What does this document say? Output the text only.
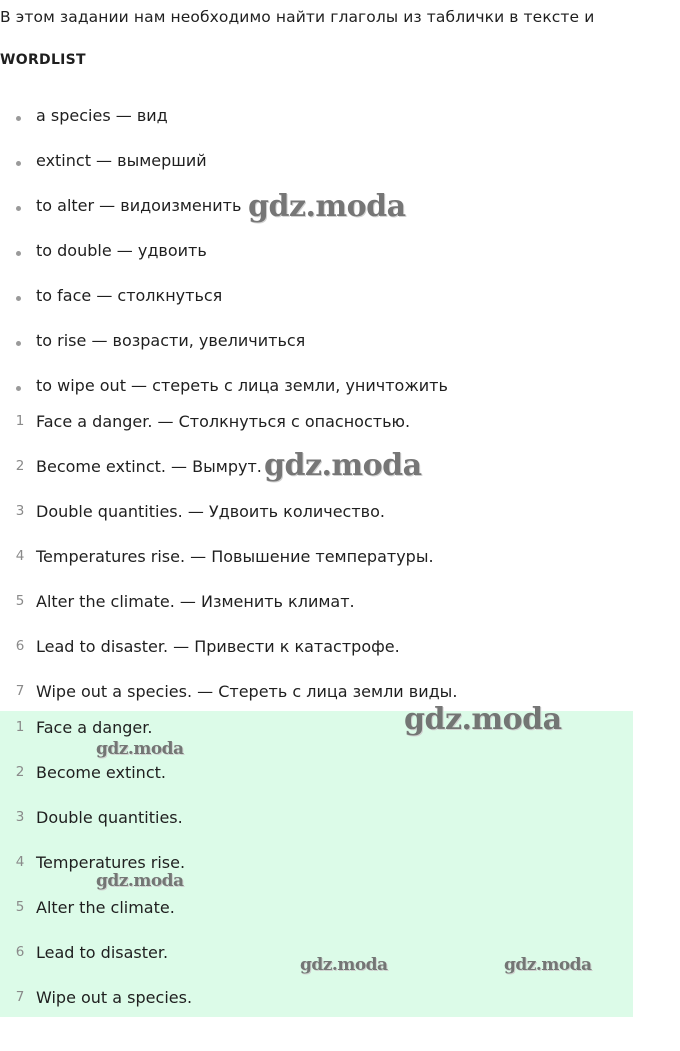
В этом задании нам необходимо найти глаголы из таблички в тексте и
WORDLIST
a species — вид
extinct — вымерший
to alter — видоизменить
to double — удвоить
to face — столкнуться
to rise — возрасти, увеличиться
to wipe out — стереть с лица земли, уничтожить
1 Face a danger. — Столкнуться с опасностью.
2 Become extinct. — Вымрут.
3 Double quantities. — Удвоить количество.
4 Temperatures rise. — Повышение температуры.
5 Alter the climate. — Изменить климат.
6 Lead to disaster. — Привести к катастрофе.
7 Wipe out a species. — Стереть с лица земли виды.
1 Face a danger.
2 Become extinct.
3 Double quantities.
4 Temperatures rise.
5 Alter the climate.
6 Lead to disaster.
7 Wipe out a species.
gdz.moda
gdz.moda
gdz.moda
gdz.moda
gdz.moda
gdz.moda	gdz.moda
